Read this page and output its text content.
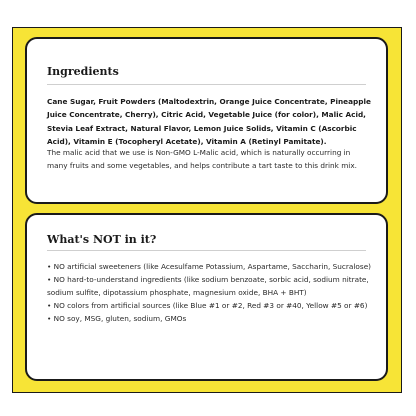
Ingredients

Cane Sugar, Fruit Powders (Maltodextrin, Orange Juice Concentrate, Pineapple Juice Concentrate, Cherry), Citric Acid, Vegetable Juice (for color), Malic Acid, Stevia Leaf Extract, Natural Flavor, Lemon Juice Solids, Vitamin C (Ascorbic Acid), Vitamin E (Tocopheryl Acetate), Vitamin A (Retinyl Pamitate).

The malic acid that we use is Non-GMO L-Malic acid, which is naturally occurring in many fruits and some vegetables, and helps contribute a tart taste to this drink mix.

What's NOT in it?
• NO artificial sweeteners (like Acesulfame Potassium, Aspartame, Saccharin, Sucralose)
• NO hard-to-understand ingredients (like sodium benzoate, sorbic acid, sodium nitrate, sodium sulfite, dipotassium phosphate, magnesium oxide, BHA + BHT)
• NO colors from artificial sources (like Blue #1 or #2, Red #3 or #40, Yellow #5 or #6)
• NO soy, MSG, gluten, sodium, GMOs
